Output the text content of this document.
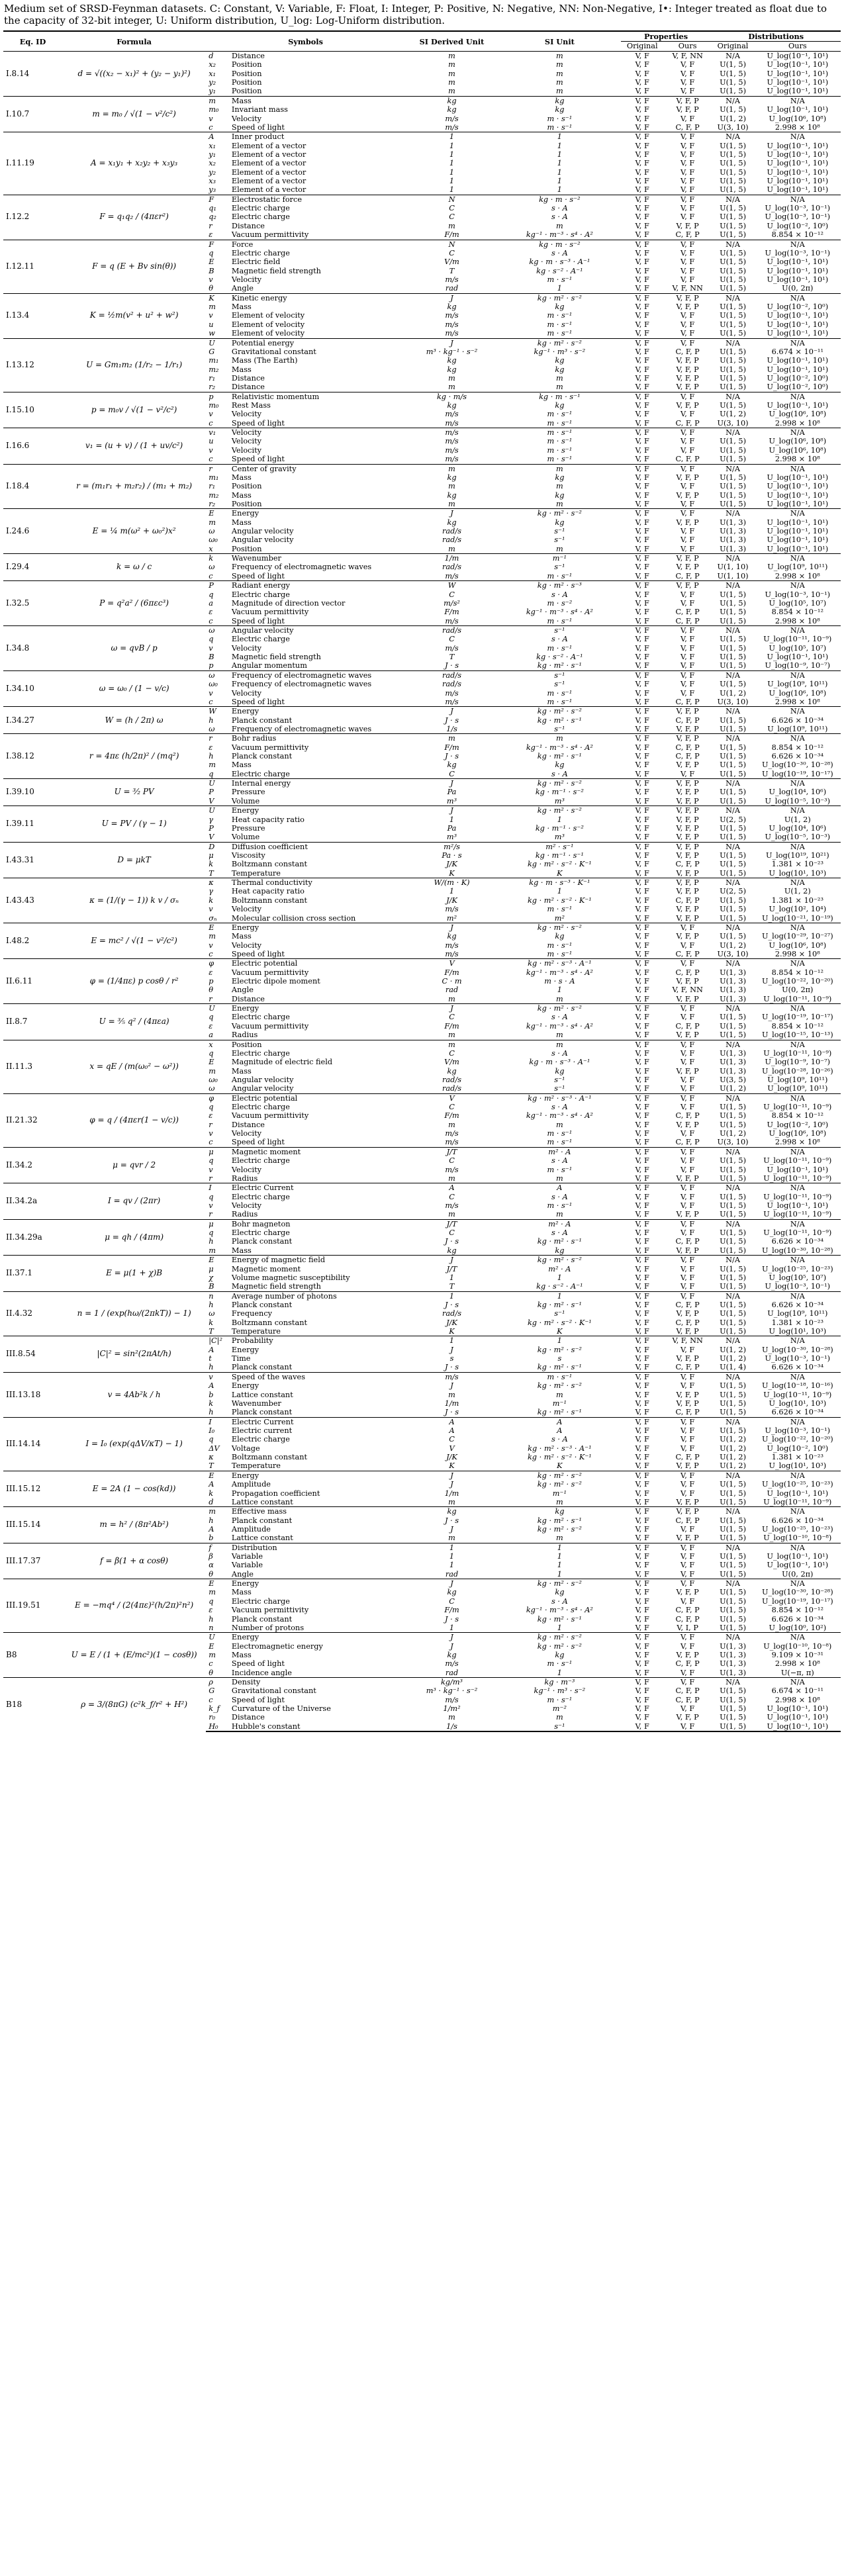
Medium set of SRSD-Feynman datasets. C: Constant, V: Variable, F: Float, I: Integer, P: Positive, N: Negative, NN: Non-Negative, I•: Integer treated as float due to the capacity of 32-bit integer, U: Uniform distribution, U_log: Log-Uniform distribution.
Eq. ID	Formula	Symbols		SI Derived Unit	SI Unit	Properties		Distributions	
						Original	Ours	Original	Ours
I.8.14	d = √((x₂ − x₁)² + (y₂ − y₁)²)	d	Distance	m	m	V, F	V, F, NN	N/A	U_log(10⁻¹, 10¹)
		x₂	Position	m	m	V, F	V, F	U(1, 5)	U_log(10⁻¹, 10¹)
		x₁	Position	m	m	V, F	V, F	U(1, 5)	U_log(10⁻¹, 10¹)
		y₂	Position	m	m	V, F	V, F	U(1, 5)	U_log(10⁻¹, 10¹)
		y₁	Position	m	m	V, F	V, F	U(1, 5)	U_log(10⁻¹, 10¹)
I.10.7	m = m₀ / √(1 − v²/c²)	m	Mass	kg	kg	V, F	V, F, P	N/A	N/A
		m₀	Invariant mass	kg	kg	V, F	V, F, P	U(1, 5)	U_log(10⁻¹, 10¹)
		v	Velocity	m/s	m · s⁻¹	V, F	V, F	U(1, 2)	U_log(10⁶, 10⁸)
		c	Speed of light	m/s	m · s⁻¹	V, F	C, F, P	U(3, 10)	2.998 × 10⁸
I.11.19	A = x₁y₁ + x₂y₂ + x₃y₃	A	Inner product	1	1	V, F	V, F	N/A	N/A
		x₁	Element of a vector	1	1	V, F	V, F	U(1, 5)	U_log(10⁻¹, 10¹)
		y₁	Element of a vector	1	1	V, F	V, F	U(1, 5)	U_log(10⁻¹, 10¹)
		x₂	Element of a vector	1	1	V, F	V, F	U(1, 5)	U_log(10⁻¹, 10¹)
		y₂	Element of a vector	1	1	V, F	V, F	U(1, 5)	U_log(10⁻¹, 10¹)
		x₃	Element of a vector	1	1	V, F	V, F	U(1, 5)	U_log(10⁻¹, 10¹)
		y₃	Element of a vector	1	1	V, F	V, F	U(1, 5)	U_log(10⁻¹, 10¹)
I.12.2	F = q₁q₂ / (4πεr²)	F	Electrostatic force	N	kg · m · s⁻²	V, F	V, F	N/A	N/A
		q₁	Electric charge	C	s · A	V, F	V, F	U(1, 5)	U_log(10⁻³, 10⁻¹)
		q₂	Electric charge	C	s · A	V, F	V, F	U(1, 5)	U_log(10⁻³, 10⁻¹)
		r	Distance	m	m	V, F	V, F, P	U(1, 5)	U_log(10⁻², 10⁰)
		ε	Vacuum permittivity	F/m	kg⁻¹ · m⁻³ · s⁴ · A²	V, F	C, F, P	U(1, 5)	8.854 × 10⁻¹²
I.12.11	F = q (E + Bv sin(θ))	F	Force	N	kg · m · s⁻²	V, F	V, F	N/A	N/A
		q	Electric charge	C	s · A	V, F	V, F	U(1, 5)	U_log(10⁻³, 10⁻¹)
		E	Electric field	V/m	kg · m · s⁻³ · A⁻¹	V, F	V, F	U(1, 5)	U_log(10⁻¹, 10¹)
		B	Magnetic field strength	T	kg · s⁻² · A⁻¹	V, F	V, F	U(1, 5)	U_log(10⁻¹, 10¹)
		v	Velocity	m/s	m · s⁻¹	V, F	V, F	U(1, 5)	U_log(10⁻¹, 10¹)
		θ	Angle	rad	1	V, F	V, F, NN	U(1, 5)	U(0, 2π)
I.13.4	K = ½m(v² + u² + w²)	K	Kinetic energy	J	kg · m² · s⁻²	V, F	V, F, P	N/A	N/A
		m	Mass	kg	kg	V, F	V, F, P	U(1, 5)	U_log(10⁻², 10⁰)
		v	Element of velocity	m/s	m · s⁻¹	V, F	V, F	U(1, 5)	U_log(10⁻¹, 10¹)
		u	Element of velocity	m/s	m · s⁻¹	V, F	V, F	U(1, 5)	U_log(10⁻¹, 10¹)
		w	Element of velocity	m/s	m · s⁻¹	V, F	V, F	U(1, 5)	U_log(10⁻¹, 10¹)
I.13.12	U = Gm₁m₂ (1/r₂ − 1/r₁)	U	Potential energy	J	kg · m² · s⁻²	V, F	V, F	N/A	N/A
		G	Gravitational constant	m³ · kg⁻¹ · s⁻²	kg⁻¹ · m³ · s⁻²	V, F	C, F, P	U(1, 5)	6.674 × 10⁻¹¹
		m₁	Mass (The Earth)	kg	kg	V, F	V, F, P	U(1, 5)	U_log(10⁻¹, 10¹)
		m₂	Mass	kg	kg	V, F	V, F, P	U(1, 5)	U_log(10⁻¹, 10¹)
		r₁	Distance	m	m	V, F	V, F, P	U(1, 5)	U_log(10⁻², 10⁰)
		r₂	Distance	m	m	V, F	V, F, P	U(1, 5)	U_log(10⁻², 10⁰)
I.15.10	p = m₀v / √(1 − v²/c²)	p	Relativistic momentum	kg · m/s	kg · m · s⁻¹	V, F	V, F	N/A	N/A
		m₀	Rest Mass	kg	kg	V, F	V, F, P	U(1, 5)	U_log(10⁻¹, 10¹)
		v	Velocity	m/s	m · s⁻¹	V, F	V, F	U(1, 2)	U_log(10⁶, 10⁸)
		c	Speed of light	m/s	m · s⁻¹	V, F	C, F, P	U(3, 10)	2.998 × 10⁸
I.16.6	v₁ = (u + v) / (1 + uv/c²)	v₁	Velocity	m/s	m · s⁻¹	V, F	V, F	N/A	N/A
		u	Velocity	m/s	m · s⁻¹	V, F	V, F	U(1, 5)	U_log(10⁶, 10⁸)
		v	Velocity	m/s	m · s⁻¹	V, F	V, F	U(1, 5)	U_log(10⁶, 10⁸)
		c	Speed of light	m/s	m · s⁻¹	V, F	C, F, P	U(1, 5)	2.998 × 10⁸
I.18.4	r = (m₁r₁ + m₂r₂) / (m₁ + m₂)	r	Center of gravity	m	m	V, F	V, F	N/A	N/A
		m₁	Mass	kg	kg	V, F	V, F, P	U(1, 5)	U_log(10⁻¹, 10¹)
		r₁	Position	m	m	V, F	V, F	U(1, 5)	U_log(10⁻¹, 10¹)
		m₂	Mass	kg	kg	V, F	V, F, P	U(1, 5)	U_log(10⁻¹, 10¹)
		r₂	Position	m	m	V, F	V, F	U(1, 5)	U_log(10⁻¹, 10¹)
I.24.6	E = ¼ m(ω² + ω₀²)x²	E	Energy	J	kg · m² · s⁻²	V, F	V, F	N/A	N/A
		m	Mass	kg	kg	V, F	V, F, P	U(1, 3)	U_log(10⁻¹, 10¹)
		ω	Angular velocity	rad/s	s⁻¹	V, F	V, F	U(1, 3)	U_log(10⁻¹, 10¹)
		ω₀	Angular velocity	rad/s	s⁻¹	V, F	V, F	U(1, 3)	U_log(10⁻¹, 10¹)
		x	Position	m	m	V, F	V, F	U(1, 3)	U_log(10⁻¹, 10¹)
I.29.4	k = ω / c	k	Wavenumber	1/m	m⁻¹	V, F	V, F, P	N/A	N/A
		ω	Frequency of electromagnetic waves	rad/s	s⁻¹	V, F	V, F, P	U(1, 10)	U_log(10⁹, 10¹¹)
		c	Speed of light	m/s	m · s⁻¹	V, F	C, F, P	U(1, 10)	2.998 × 10⁸
I.32.5	P = q²a² / (6πεc³)	P	Radiant energy	W	kg · m² · s⁻³	V, F	V, F, P	N/A	N/A
		q	Electric charge	C	s · A	V, F	V, F	U(1, 5)	U_log(10⁻³, 10⁻¹)
		a	Magnitude of direction vector	m/s²	m · s⁻²	V, F	V, F	U(1, 5)	U_log(10⁵, 10⁷)
		ε	Vacuum permittivity	F/m	kg⁻¹ · m⁻³ · s⁴ · A²	V, F	C, F, P	U(1, 5)	8.854 × 10⁻¹²
		c	Speed of light	m/s	m · s⁻¹	V, F	C, F, P	U(1, 5)	2.998 × 10⁸
I.34.8	ω = qvB / p	ω	Angular velocity	rad/s	s⁻¹	V, F	V, F	N/A	N/A
		q	Electric charge	C	s · A	V, F	V, F	U(1, 5)	U_log(10⁻¹¹, 10⁻⁹)
		v	Velocity	m/s	m · s⁻¹	V, F	V, F	U(1, 5)	U_log(10⁵, 10⁷)
		B	Magnetic field strength	T	kg · s⁻² · A⁻¹	V, F	V, F	U(1, 5)	U_log(10⁻¹, 10¹)
		p	Angular momentum	J · s	kg · m² · s⁻¹	V, F	V, F	U(1, 5)	U_log(10⁻⁹, 10⁻⁷)
I.34.10	ω = ω₀ / (1 − v/c)	ω	Frequency of electromagnetic waves	rad/s	s⁻¹	V, F	V, F	N/A	N/A
		ω₀	Frequency of electromagnetic waves	rad/s	s⁻¹	V, F	V, F	U(1, 5)	U_log(10⁹, 10¹¹)
		v	Velocity	m/s	m · s⁻¹	V, F	V, F	U(1, 2)	U_log(10⁶, 10⁸)
		c	Speed of light	m/s	m · s⁻¹	V, F	C, F, P	U(3, 10)	2.998 × 10⁸
I.34.27	W = (h / 2π) ω	W	Energy	J	kg · m² · s⁻²	V, F	V, F, P	N/A	N/A
		h	Planck constant	J · s	kg · m² · s⁻¹	V, F	C, F, P	U(1, 5)	6.626 × 10⁻³⁴
		ω	Frequency of electromagnetic waves	1/s	s⁻¹	V, F	V, F, P	U(1, 5)	U_log(10⁹, 10¹¹)
I.38.12	r = 4πε (h/2π)² / (mq²)	r	Bohr radius	m	m	V, F	V, F, P	N/A	N/A
		ε	Vacuum permittivity	F/m	kg⁻¹ · m⁻³ · s⁴ · A²	V, F	C, F, P	U(1, 5)	8.854 × 10⁻¹²
		h	Planck constant	J · s	kg · m² · s⁻¹	V, F	C, F, P	U(1, 5)	6.626 × 10⁻³⁴
		m	Mass	kg	kg	V, F	V, F, P	U(1, 5)	U_log(10⁻³⁰, 10⁻²⁸)
		q	Electric charge	C	s · A	V, F	V, F	U(1, 5)	U_log(10⁻¹⁹, 10⁻¹⁷)
I.39.10	U = ³⁄₂ PV	U	Internal energy	J	kg · m² · s⁻²	V, F	V, F, P	N/A	N/A
		P	Pressure	Pa	kg · m⁻¹ · s⁻²	V, F	V, F, P	U(1, 5)	U_log(10⁴, 10⁶)
		V	Volume	m³	m³	V, F	V, F, P	U(1, 5)	U_log(10⁻⁵, 10⁻³)
I.39.11	U = PV / (γ − 1)	U	Energy	J	kg · m² · s⁻²	V, F	V, F, P	N/A	N/A
		γ	Heat capacity ratio	1	1	V, F	V, F, P	U(2, 5)	U(1, 2)
		P	Pressure	Pa	kg · m⁻¹ · s⁻²	V, F	V, F, P	U(1, 5)	U_log(10⁴, 10⁶)
		V	Volume	m³	m³	V, F	V, F, P	U(1, 5)	U_log(10⁻⁵, 10⁻³)
I.43.31	D = μkT	D	Diffusion coefficient	m²/s	m² · s⁻¹	V, F	V, F, P	N/A	N/A
		μ	Viscosity	Pa · s	kg · m⁻¹ · s⁻¹	V, F	V, F, P	U(1, 5)	U_log(10¹⁹, 10²¹)
		k	Boltzmann constant	J/K	kg · m² · s⁻² · K⁻¹	V, F	C, F, P	U(1, 5)	1.381 × 10⁻²³
		T	Temperature	K	K	V, F	V, F, P	U(1, 5)	U_log(10¹, 10³)
I.43.43	κ = (1/(γ − 1)) k v / σₙ	κ	Thermal conductivity	W/(m · K)	kg · m · s⁻³ · K⁻¹	V, F	V, F, P	N/A	N/A
		γ	Heat capacity ratio	1	1	V, F	V, F, P	U(2, 5)	U(1, 2)
		k	Boltzmann constant	J/K	kg · m² · s⁻² · K⁻¹	V, F	C, F, P	U(1, 5)	1.381 × 10⁻²³
		v	Velocity	m/s	m · s⁻¹	V, F	V, F, P	U(1, 5)	U_log(10², 10⁴)
		σₙ	Molecular collision cross section	m²	m²	V, F	V, F, P	U(1, 5)	U_log(10⁻²¹, 10⁻¹⁹)
I.48.2	E = mc² / √(1 − v²/c²)	E	Energy	J	kg · m² · s⁻²	V, F	V, F	N/A	N/A
		m	Mass	kg	kg	V, F	V, F, P	U(1, 5)	U_log(10⁻²⁹, 10⁻²⁷)
		v	Velocity	m/s	m · s⁻¹	V, F	V, F	U(1, 2)	U_log(10⁶, 10⁸)
		c	Speed of light	m/s	m · s⁻¹	V, F	C, F, P	U(3, 10)	2.998 × 10⁸
II.6.11	φ = (1/4πε) p cosθ / r²	φ	Electric potential	V	kg · m² · s⁻³ · A⁻¹	V, F	V, F	N/A	N/A
		ε	Vacuum permittivity	F/m	kg⁻¹ · m⁻³ · s⁴ · A²	V, F	C, F, P	U(1, 3)	8.854 × 10⁻¹²
		p	Electric dipole moment	C · m	m · s · A	V, F	V, F, P	U(1, 3)	U_log(10⁻²², 10⁻²⁰)
		θ	Angle	rad	1	V, F	V, F, NN	U(1, 3)	U(0, 2π)
		r	Distance	m	m	V, F	V, F, P	U(1, 3)	U_log(10⁻¹¹, 10⁻⁹)
II.8.7	U = ³⁄₅ q² / (4πεa)	U	Energy	J	kg · m² · s⁻²	V, F	V, F	N/A	N/A
		q	Electric charge	C	s · A	V, F	V, F	U(1, 5)	U_log(10⁻¹⁹, 10⁻¹⁷)
		ε	Vacuum permittivity	F/m	kg⁻¹ · m⁻³ · s⁴ · A²	V, F	C, F, P	U(1, 5)	8.854 × 10⁻¹²
		a	Radius	m	m	V, F	V, F, P	U(1, 5)	U_log(10⁻¹⁵, 10⁻¹³)
II.11.3	x = qE / (m(ω₀² − ω²))	x	Position	m	m	V, F	V, F	N/A	N/A
		q	Electric charge	C	s · A	V, F	V, F	U(1, 3)	U_log(10⁻¹¹, 10⁻⁹)
		E	Magnitude of electric field	V/m	kg · m · s⁻³ · A⁻¹	V, F	V, F	U(1, 3)	U_log(10⁻⁹, 10⁻⁷)
		m	Mass	kg	kg	V, F	V, F, P	U(1, 3)	U_log(10⁻²⁸, 10⁻²⁶)
		ω₀	Angular velocity	rad/s	s⁻¹	V, F	V, F	U(3, 5)	U_log(10⁹, 10¹¹)
		ω	Angular velocity	rad/s	s⁻¹	V, F	V, F	U(1, 2)	U_log(10⁹, 10¹¹)
II.21.32	φ = q / (4πεr(1 − v/c))	φ	Electric potential	V	kg · m² · s⁻³ · A⁻¹	V, F	V, F	N/A	N/A
		q	Electric charge	C	s · A	V, F	V, F	U(1, 5)	U_log(10⁻¹¹, 10⁻⁹)
		ε	Vacuum permittivity	F/m	kg⁻¹ · m⁻³ · s⁴ · A²	V, F	C, F, P	U(1, 5)	8.854 × 10⁻¹²
		r	Distance	m	m	V, F	V, F, P	U(1, 5)	U_log(10⁻², 10⁰)
		v	Velocity	m/s	m · s⁻¹	V, F	V, F	U(1, 2)	U_log(10⁶, 10⁸)
		c	Speed of light	m/s	m · s⁻¹	V, F	C, F, P	U(3, 10)	2.998 × 10⁸
II.34.2	μ = qvr / 2	μ	Magnetic moment	J/T	m² · A	V, F	V, F	N/A	N/A
		q	Electric charge	C	s · A	V, F	V, F	U(1, 5)	U_log(10⁻¹¹, 10⁻⁹)
		v	Velocity	m/s	m · s⁻¹	V, F	V, F	U(1, 5)	U_log(10⁻¹, 10¹)
		r	Radius	m	m	V, F	V, F, P	U(1, 5)	U_log(10⁻¹¹, 10⁻⁹)
II.34.2a	I = qv / (2πr)	I	Electric Current	A	A	V, F	V, F	N/A	N/A
		q	Electric charge	C	s · A	V, F	V, F	U(1, 5)	U_log(10⁻¹¹, 10⁻⁹)
		v	Velocity	m/s	m · s⁻¹	V, F	V, F	U(1, 5)	U_log(10⁻¹, 10¹)
		r	Radius	m	m	V, F	V, F, P	U(1, 5)	U_log(10⁻¹¹, 10⁻⁹)
II.34.29a	μ = qh / (4πm)	μ	Bohr magneton	J/T	m² · A	V, F	V, F	N/A	N/A
		q	Electric charge	C	s · A	V, F	V, F	U(1, 5)	U_log(10⁻¹¹, 10⁻⁹)
		h	Planck constant	J · s	kg · m² · s⁻¹	V, F	C, F, P	U(1, 5)	6.626 × 10⁻³⁴
		m	Mass	kg	kg	V, F	V, F, P	U(1, 5)	U_log(10⁻³⁰, 10⁻²⁸)
II.37.1	E = μ(1 + χ)B	E	Energy of magnetic field	J	kg · m² · s⁻²	V, F	V, F	N/A	N/A
		μ	Magnetic moment	J/T	m² · A	V, F	V, F	U(1, 5)	U_log(10⁻²⁵, 10⁻²³)
		χ	Volume magnetic susceptibility	1	1	V, F	V, F	U(1, 5)	U_log(10⁵, 10⁷)
		B	Magnetic field strength	T	kg · s⁻² · A⁻¹	V, F	V, F	U(1, 5)	U_log(10⁻³, 10⁻¹)
II.4.32	n = 1 / (exp(hω/(2πkT)) − 1)	n	Average number of photons	1	1	V, F	V, F	N/A	N/A
		h	Planck constant	J · s	kg · m² · s⁻¹	V, F	C, F, P	U(1, 5)	6.626 × 10⁻³⁴
		ω	Frequency	rad/s	s⁻¹	V, F	V, F, P	U(1, 5)	U_log(10⁹, 10¹¹)
		k	Boltzmann constant	J/K	kg · m² · s⁻² · K⁻¹	V, F	C, F, P	U(1, 5)	1.381 × 10⁻²³
		T	Temperature	K	K	V, F	V, F, P	U(1, 5)	U_log(10¹, 10³)
III.8.54	|C|² = sin²(2πAt/h)	|C|²	Probability	1	1	V, F	V, F, NN	N/A	N/A
		A	Energy	J	kg · m² · s⁻²	V, F	V, F	U(1, 2)	U_log(10⁻³⁰, 10⁻²⁸)
		t	Time	s	s	V, F	V, F, P	U(1, 2)	U_log(10⁻³, 10⁻¹)
		h	Planck constant	J · s	kg · m² · s⁻¹	V, F	C, F, P	U(1, 4)	6.626 × 10⁻³⁴
III.13.18	v = 4Ab²k / h	v	Speed of the waves	m/s	m · s⁻¹	V, F	V, F	N/A	N/A
		A	Energy	J	kg · m² · s⁻²	V, F	V, F	U(1, 5)	U_log(10⁻¹⁸, 10⁻¹⁶)
		b	Lattice constant	m	m	V, F	V, F, P	U(1, 5)	U_log(10⁻¹¹, 10⁻⁹)
		k	Wavenumber	1/m	m⁻¹	V, F	V, F, P	U(1, 5)	U_log(10¹, 10³)
		h	Planck constant	J · s	kg · m² · s⁻¹	V, F	C, F, P	U(1, 5)	6.626 × 10⁻³⁴
III.14.14	I = I₀ (exp(qΔV/κT) − 1)	I	Electric Current	A	A	V, F	V, F	N/A	N/A
		I₀	Electric current	A	A	V, F	V, F	U(1, 5)	U_log(10⁻³, 10⁻¹)
		q	Electric charge	C	s · A	V, F	V, F	U(1, 2)	U_log(10⁻²², 10⁻²⁰)
		ΔV	Voltage	V	kg · m² · s⁻³ · A⁻¹	V, F	V, F	U(1, 2)	U_log(10⁻², 10⁰)
		κ	Boltzmann constant	J/K	kg · m² · s⁻² · K⁻¹	V, F	C, F, P	U(1, 2)	1.381 × 10⁻²³
		T	Temperature	K	K	V, F	V, F, P	U(1, 2)	U_log(10¹, 10³)
III.15.12	E = 2A (1 − cos(kd))	E	Energy	J	kg · m² · s⁻²	V, F	V, F	N/A	N/A
		A	Amplitude	J	kg · m² · s⁻²	V, F	V, F	U(1, 5)	U_log(10⁻²⁵, 10⁻²³)
		k	Propagation coefficient	1/m	m⁻¹	V, F	V, F	U(1, 5)	U_log(10⁻¹, 10¹)
		d	Lattice constant	m	m	V, F	V, F, P	U(1, 5)	U_log(10⁻¹¹, 10⁻⁹)
III.15.14	m = h² / (8π²Ab²)	m	Effective mass	kg	kg	V, F	V, F, P	N/A	N/A
		h	Planck constant	J · s	kg · m² · s⁻¹	V, F	C, F, P	U(1, 5)	6.626 × 10⁻³⁴
		A	Amplitude	J	kg · m² · s⁻²	V, F	V, F	U(1, 5)	U_log(10⁻²⁵, 10⁻²³)
		b	Lattice constant	m	m	V, F	V, F, P	U(1, 5)	U_log(10⁻¹⁰, 10⁻⁸)
III.17.37	f = β(1 + α cosθ)	f	Distribution	1	1	V, F	V, F	N/A	N/A
		β	Variable	1	1	V, F	V, F	U(1, 5)	U_log(10⁻¹, 10¹)
		α	Variable	1	1	V, F	V, F	U(1, 5)	U_log(10⁻¹, 10¹)
		θ	Angle	rad	1	V, F	V, F	U(1, 5)	U(0, 2π)
III.19.51	E = −mq⁴ / (2(4πε)²(h/2π)²n²)	E	Energy	J	kg · m² · s⁻²	V, F	V, F	N/A	N/A
		m	Mass	kg	kg	V, F	V, F, P	U(1, 5)	U_log(10⁻³⁰, 10⁻²⁸)
		q	Electric charge	C	s · A	V, F	V, F	U(1, 5)	U_log(10⁻¹⁹, 10⁻¹⁷)
		ε	Vacuum permittivity	F/m	kg⁻¹ · m⁻³ · s⁴ · A²	V, F	C, F, P	U(1, 5)	8.854 × 10⁻¹²
		h	Planck constant	J · s	kg · m² · s⁻¹	V, F	C, F, P	U(1, 5)	6.626 × 10⁻³⁴
		n	Number of protons	1	1	V, F	V, I, P	U(1, 5)	U_log(10⁰, 10²)
B8	U = E / (1 + (E/mc²)(1 − cosθ))	U	Energy	J	kg · m² · s⁻²	V, F	V, F	N/A	N/A
		E	Electromagnetic energy	J	kg · m² · s⁻²	V, F	V, F	U(1, 3)	U_log(10⁻¹⁰, 10⁻⁸)
		m	Mass	kg	kg	V, F	V, F, P	U(1, 3)	9.109 × 10⁻³¹
		c	Speed of light	m/s	m · s⁻¹	V, F	C, F, P	U(1, 3)	2.998 × 10⁸
		θ	Incidence angle	rad	1	V, F	V, F	U(1, 3)	U(−π, π)
B18	ρ = 3/(8πG) (c²k_f/r² + H²)	ρ	Density	kg/m³	kg · m⁻³	V, F	V, F	N/A	N/A
		G	Gravitational constant	m³ · kg⁻¹ · s⁻²	kg⁻¹ · m³ · s⁻²	V, F	C, F, P	U(1, 5)	6.674 × 10⁻¹¹
		c	Speed of light	m/s	m · s⁻¹	V, F	C, F, P	U(1, 5)	2.998 × 10⁸
		k_f	Curvature of the Universe	1/m²	m⁻²	V, F	V, F	U(1, 5)	U_log(10⁻¹, 10¹)
		r₀	Distance	m	m	V, F	V, F, P	U(1, 5)	U_log(10⁻¹, 10¹)
		H₀	Hubble's constant	1/s	s⁻¹	V, F	V, F	U(1, 5)	U_log(10⁻¹, 10¹)
